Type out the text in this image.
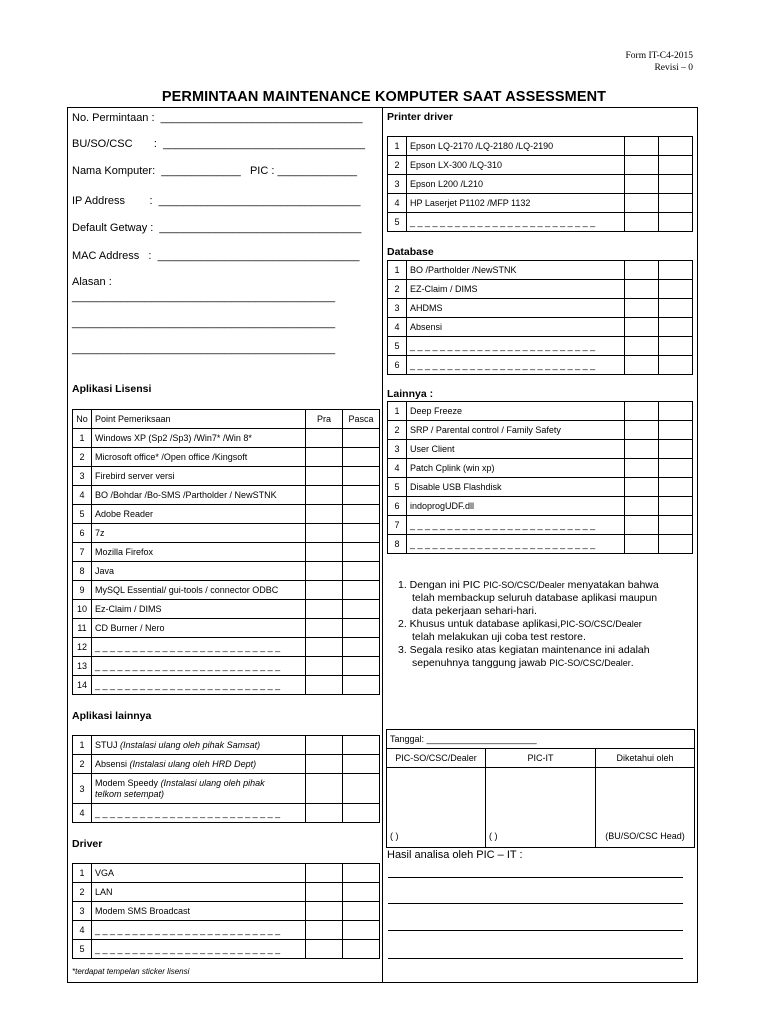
Form IT-C4-2015
Revisi – 0
PERMINTAAN MAINTENANCE KOMPUTER SAAT ASSESSMENT
No. Permintaan :  _________________________________
BU/SO/CSC       :  _________________________________
Nama Komputer:  _____________   PIC : _____________
IP Address        :  _________________________________
Default Getway :  _________________________________
MAC Address   :  _________________________________
Alasan :
___________________________________________
___________________________________________
___________________________________________
Aplikasi Lisensi
No	Point Pemeriksaan	Pra	Pasca
1	Windows XP (Sp2 /Sp3) /Win7* /Win 8*		
2	Microsoft office* /Open office /Kingsoft		
3	Firebird server versi		
4	BO /Bohdar /Bo-SMS /Partholder / NewSTNK		
5	Adobe Reader		
6	7z		
7	Mozilla Firefox		
8	Java		
9	MySQL Essential/ gui-tools / connector ODBC		
10	Ez-Claim / DIMS		
11	CD Burner / Nero		
12	_ _ _ _ _ _ _ _ _ _ _ _ _ _ _ _ _ _ _ _ _ _ _ _ _		
13	_ _ _ _ _ _ _ _ _ _ _ _ _ _ _ _ _ _ _ _ _ _ _ _ _		
14	_ _ _ _ _ _ _ _ _ _ _ _ _ _ _ _ _ _ _ _ _ _ _ _ _		
Aplikasi lainnya
1	STUJ (Instalasi ulang oleh pihak Samsat)		
2	Absensi (Instalasi ulang oleh HRD Dept)		
3	Modem Speedy (Instalasi ulang oleh pihak
telkom setempat)		
4	_ _ _ _ _ _ _ _ _ _ _ _ _ _ _ _ _ _ _ _ _ _ _ _ _		
Driver
1	VGA		
2	LAN		
3	Modem SMS Broadcast		
4	_ _ _ _ _ _ _ _ _ _ _ _ _ _ _ _ _ _ _ _ _ _ _ _ _		
5	_ _ _ _ _ _ _ _ _ _ _ _ _ _ _ _ _ _ _ _ _ _ _ _ _		
*terdapat tempelan sticker lisensi
Printer driver
1	Epson LQ-2170 /LQ-2180 /LQ-2190		
2	Epson LX-300 /LQ-310		
3	Epson L200 /L210		
4	HP Laserjet P1102 /MFP 1132		
5	_ _ _ _ _ _ _ _ _ _ _ _ _ _ _ _ _ _ _ _ _ _ _ _ _		
Database
1	BO /Partholder /NewSTNK		
2	EZ-Claim / DIMS		
3	AHDMS		
4	Absensi		
5	_ _ _ _ _ _ _ _ _ _ _ _ _ _ _ _ _ _ _ _ _ _ _ _ _		
6	_ _ _ _ _ _ _ _ _ _ _ _ _ _ _ _ _ _ _ _ _ _ _ _ _		
Lainnya :
1	Deep Freeze		
2	SRP / Parental control / Family Safety		
3	User Client		
4	Patch Cplink (win xp)		
5	Disable USB Flashdisk		
6	indoprogUDF.dll		
7	_ _ _ _ _ _ _ _ _ _ _ _ _ _ _ _ _ _ _ _ _ _ _ _ _		
8	_ _ _ _ _ _ _ _ _ _ _ _ _ _ _ _ _ _ _ _ _ _ _ _ _		
1. Dengan ini PIC PIC-SO/CSC/Dealer menyatakan bahwa
telah membackup seluruh database aplikasi maupun
data pekerjaan sehari-hari.
2. Khusus untuk database aplikasi,PIC-SO/CSC/Dealer
telah melakukan uji coba test restore.
3. Segala resiko atas kegiatan maintenance ini adalah
sepenuhnya tanggung jawab PIC-SO/CSC/Dealer.
Tanggal: ______________________		
PIC-SO/CSC/Dealer	PIC-IT	Diketahui oleh
( )	( )	(BU/SO/CSC Head)
Hasil analisa oleh PIC – IT :
